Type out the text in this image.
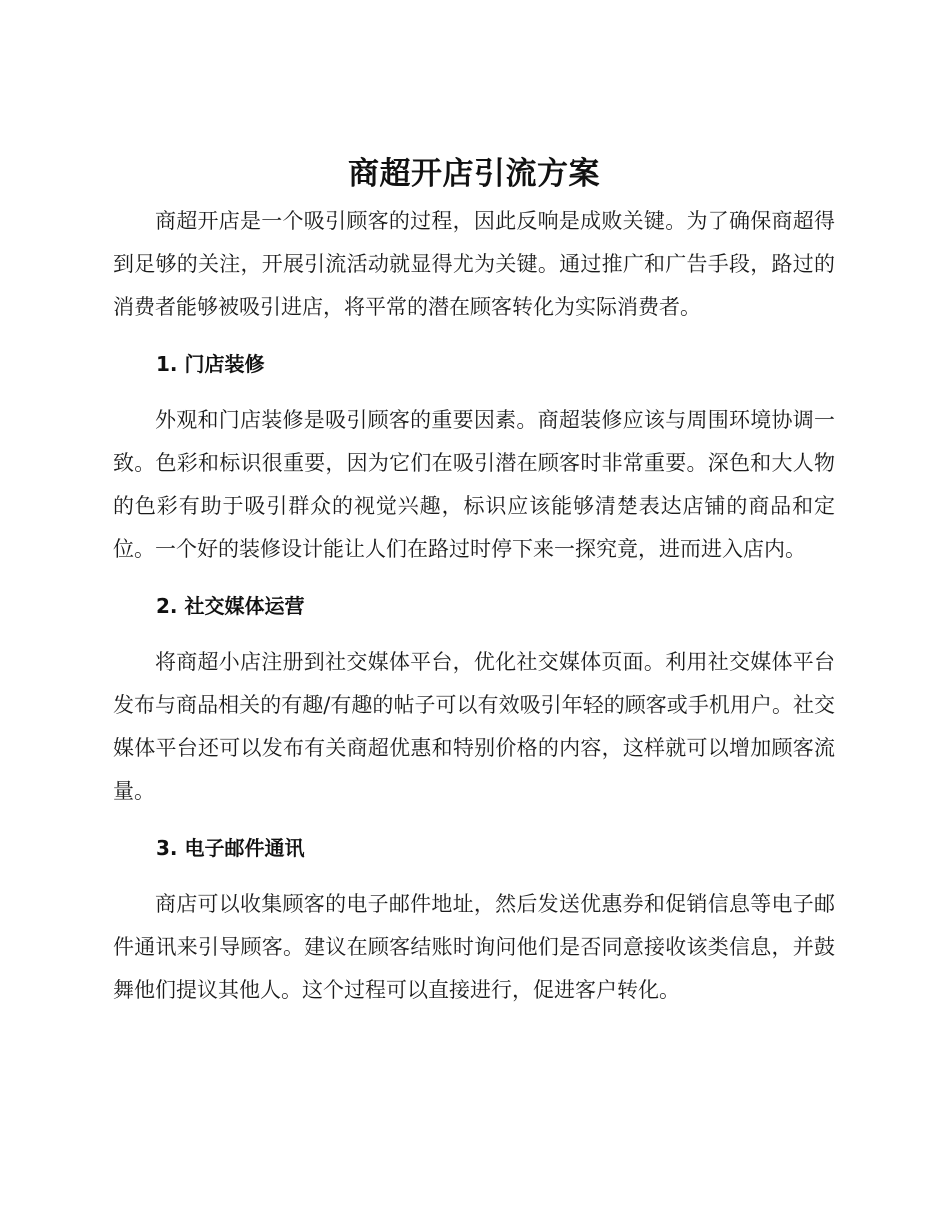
商超开店引流方案

商超开店是一个吸引顾客的过程，因此反响是成败关键。为了确保商超得到足够的关注，开展引流活动就显得尤为关键。通过推广和广告手段，路过的消费者能够被吸引进店，将平常的潜在顾客转化为实际消费者。

1. 门店装修

外观和门店装修是吸引顾客的重要因素。商超装修应该与周围环境协调一致。色彩和标识很重要，因为它们在吸引潜在顾客时非常重要。深色和大人物的色彩有助于吸引群众的视觉兴趣，标识应该能够清楚表达店铺的商品和定位。一个好的装修设计能让人们在路过时停下来一探究竟，进而进入店内。

2. 社交媒体运营

将商超小店注册到社交媒体平台，优化社交媒体页面。利用社交媒体平台发布与商品相关的有趣/有趣的帖子可以有效吸引年轻的顾客或手机用户。社交媒体平台还可以发布有关商超优惠和特别价格的内容，这样就可以增加顾客流量。

3. 电子邮件通讯

商店可以收集顾客的电子邮件地址，然后发送优惠券和促销信息等电子邮件通讯来引导顾客。建议在顾客结账时询问他们是否同意接收该类信息，并鼓舞他们提议其他人。这个过程可以直接进行，促进客户转化。
